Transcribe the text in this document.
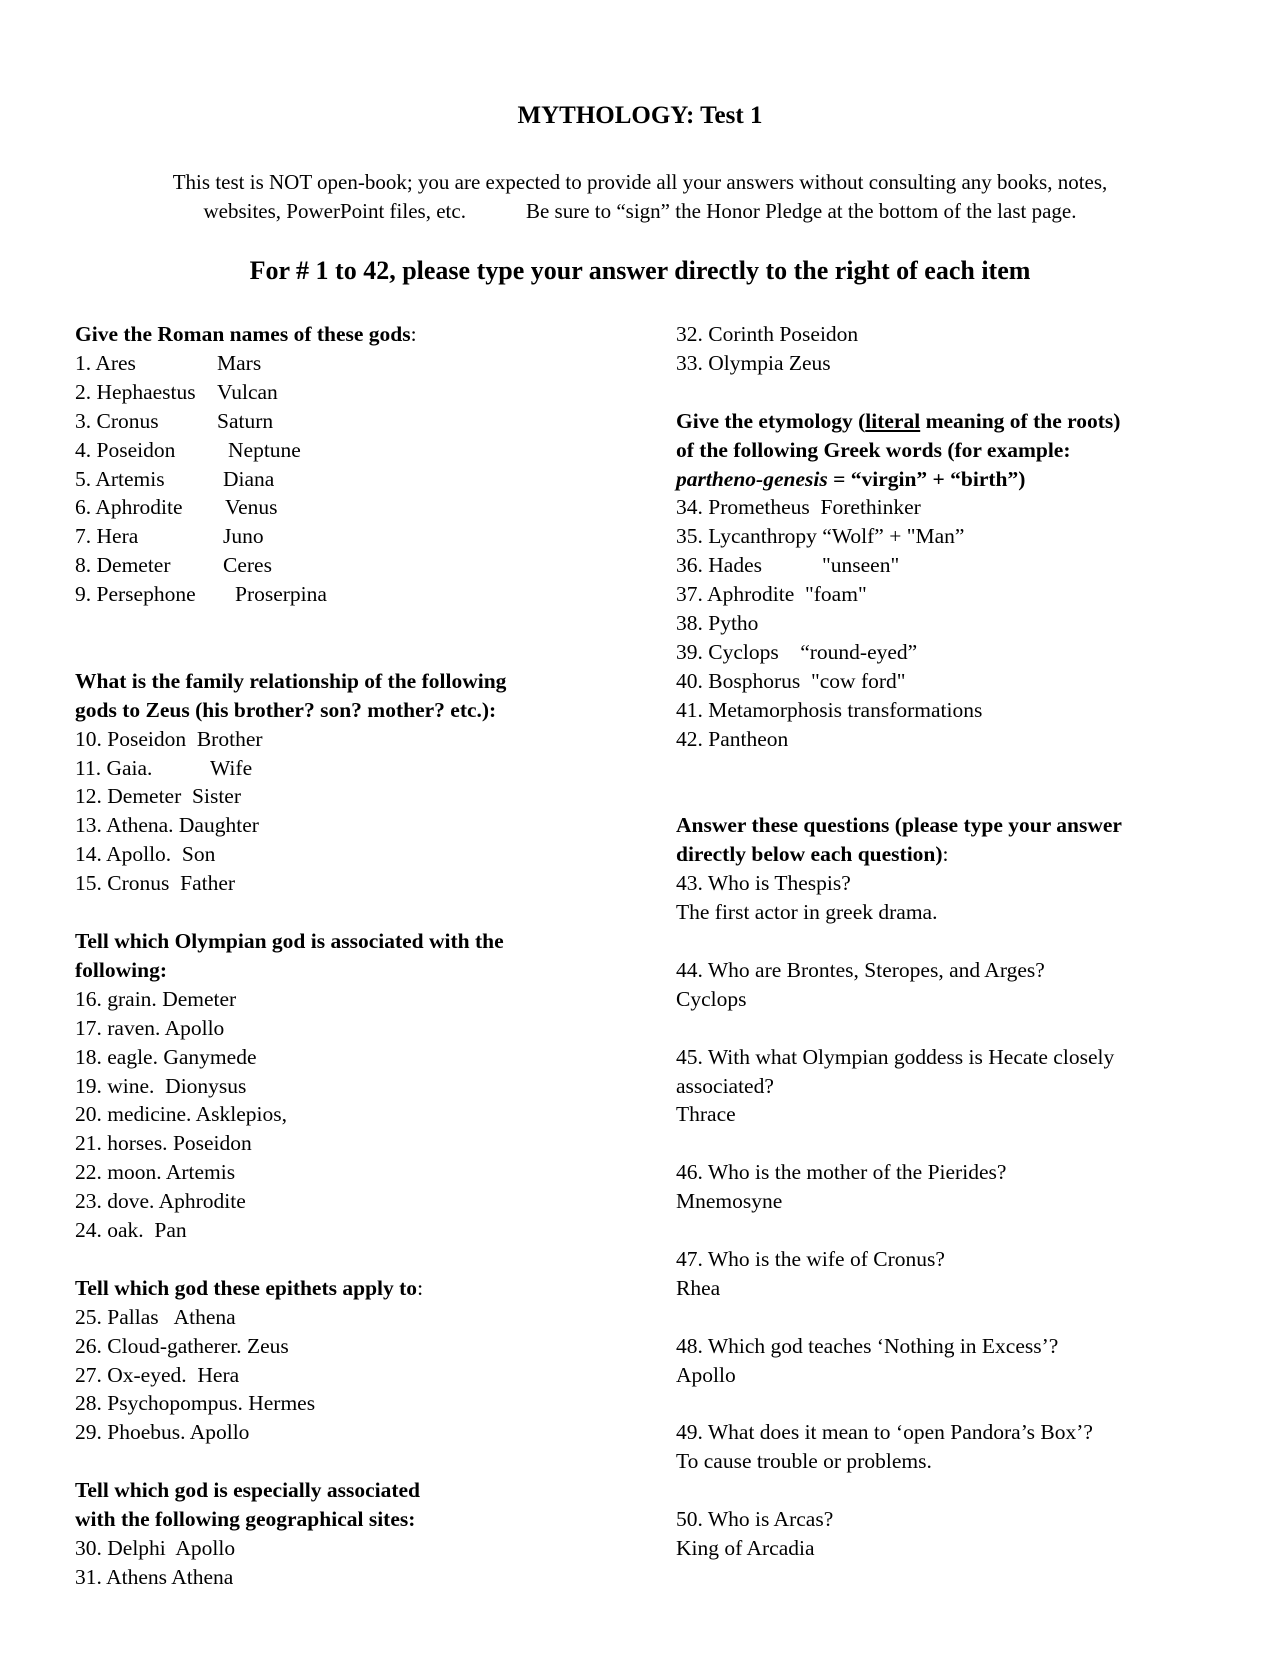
MYTHOLOGY: Test 1
This test is NOT open-book; you are expected to provide all your answers without consulting any books, notes,
websites, PowerPoint files, etc.	Be sure to “sign” the Honor Pledge at the bottom of the last page.
For # 1 to 42, please type your answer directly to the right of each item
Give the Roman names of these gods:
1. Ares	Mars
2. Hephaestus Vulcan
3. Cronus	Saturn
4. Poseidon Neptune
5. Artemis	Diana
6. Aphrodite Venus
7. Hera	Juno
8. Demeter Ceres
9. Persephone Proserpina
What is the family relationship of the following
gods to Zeus (his brother? son? mother? etc.):
10. Poseidon Brother
11. Gaia.	Wife
12. Demeter Sister
13. Athena. Daughter
14. Apollo. Son
15. Cronus Father
Tell which Olympian god is associated with the
following:
16. grain. Demeter
17. raven. Apollo
18. eagle. Ganymede
19. wine. Dionysus
20. medicine. Asklepios,
21. horses. Poseidon
22. moon. Artemis
23. dove. Aphrodite
24. oak. Pan
Tell which god these epithets apply to:
25. Pallas Athena
26. Cloud-gatherer. Zeus
27. Ox-eyed. Hera
28. Psychopompus. Hermes
29. Phoebus. Apollo
Tell which god is especially associated
with the following geographical sites:
30. Delphi Apollo
31. Athens Athena
32. Corinth Poseidon
33. Olympia Zeus
Give the etymology (literal meaning of the roots)
of the following Greek words (for example:
partheno-genesis = “virgin” + “birth”)
34. Prometheus Forethinker
35. Lycanthropy “Wolf” + "Man”
36. Hades	"unseen"
37. Aphrodite "foam"
38. Pytho
39. Cyclops “round-eyed”
40. Bosphorus "cow ford"
41. Metamorphosis transformations
42. Pantheon
Answer these questions (please type your answer
directly below each question):
43. Who is Thespis?
The first actor in greek drama.
44. Who are Brontes, Steropes, and Arges?
Cyclops
45. With what Olympian goddess is Hecate closely
associated?
Thrace
46. Who is the mother of the Pierides?
Mnemosyne
47. Who is the wife of Cronus?
Rhea
48. Which god teaches ‘Nothing in Excess’?
Apollo
49. What does it mean to ‘open Pandora’s Box’?
To cause trouble or problems.
50. Who is Arcas?
King of Arcadia
